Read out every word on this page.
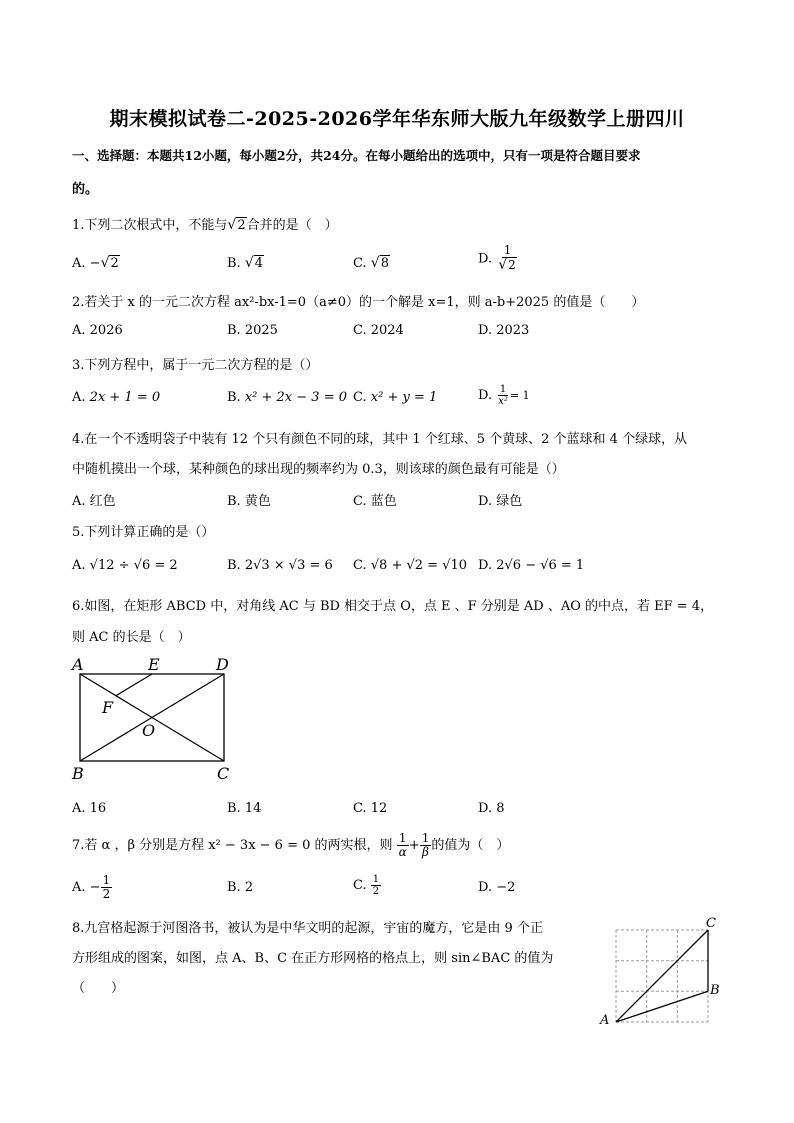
期末模拟试卷二-2025-2026学年华东师大版九年级数学上册四川
一、选择题：本题共12小题，每小题2分，共24分。在每小题给出的选项中，只有一项是符合题目要求
的。
1.下列二次根式中，不能与√2合并的是（　）
A. −√2	B. √4	C. √8	D. $\frac{1}{√2}$
2.若关于 x 的一元二次方程 ax²-bx-1=0（a≠0）的一个解是 x=1，则 a-b+2025 的值是（　　）
A. 2026	B. 2025	C. 2024	D. 2023
3.下列方程中，属于一元二次方程的是（）
A. 2x + 1 = 0	B. x² + 2x − 3 = 0 C. x² + y = 1	D. $\frac{1}{\text{x²}} = 1$
4.在一个不透明袋子中装有 12 个只有颜色不同的球，其中 1 个红球、5 个黄球、2 个蓝球和 4 个绿球，从
中随机摸出一个球，某种颜色的球出现的频率约为 0.3，则该球的颜色最有可能是（）
A. 红色	B. 黄色	C. 蓝色	D. 绿色
5.下列计算正确的是（）
A. √12 ÷ √6 = 2	B. 2√3 × √3 = 6 C. √8 + √2 = √10 D. 2√6 − √6 = 1
6.如图，在矩形 ABCD 中，对角线 AC 与 BD 相交于点 O，点 E 、F 分别是 AD 、AO 的中点，若 EF = 4，
则 AC 的长是（　）
A	E	D
F
O
B	C
A. 16	B. 14	C. 12	D. 8
7.若 α ，β 分别是方程 x² − 3x − 6 = 0 的两实根，则 $\frac{1}{\alpha} + \frac{1}{\beta}$ 的值为（　）
A. − $\frac{1}{2}$	B. 2	C. $\frac{1}{2}$	D. −2
8.九宫格起源于河图洛书，被认为是中华文明的起源，宇宙的魔方，它是由 9 个正
方形组成的图案，如图，点 A、B、C 在正方形网格的格点上，则 sin∠BAC 的值为
（　　）
A
B
C
